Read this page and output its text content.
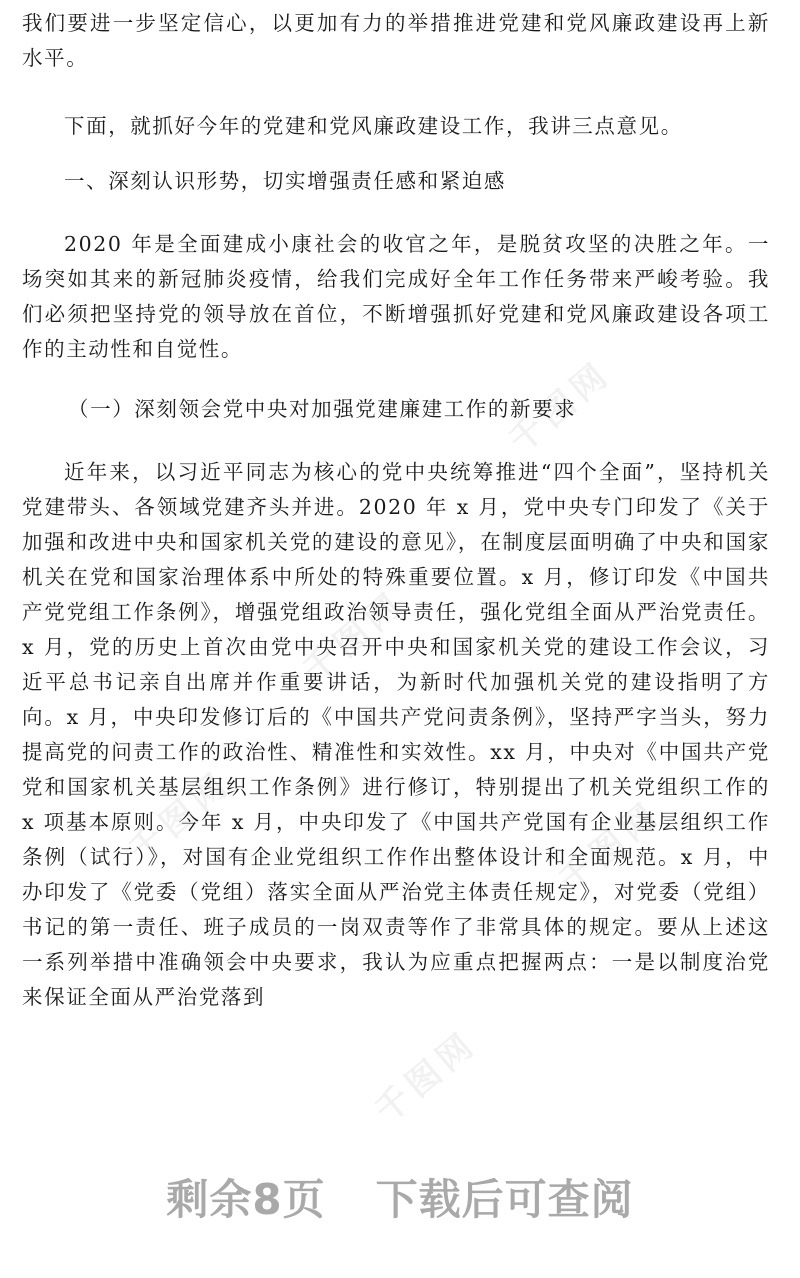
千图网
千图网
千图网	千图网
千图网

我们要进一步坚定信心，以更加有力的举措推进党建和党风廉政建设再上新水平。

下面，就抓好今年的党建和党风廉政建设工作，我讲三点意见。

一、深刻认识形势，切实增强责任感和紧迫感

2020 年是全面建成小康社会的收官之年，是脱贫攻坚的决胜之年。一场突如其来的新冠肺炎疫情，给我们完成好全年工作任务带来严峻考验。我们必须把坚持党的领导放在首位，不断增强抓好党建和党风廉政建设各项工作的主动性和自觉性。

（一）深刻领会党中央对加强党建廉建工作的新要求

近年来，以习近平同志为核心的党中央统筹推进“四个全面”，坚持机关党建带头、各领域党建齐头并进。2020 年 x 月，党中央专门印发了《关于加强和改进中央和国家机关党的建设的意见》，在制度层面明确了中央和国家机关在党和国家治理体系中所处的特殊重要位置。x 月，修订印发《中国共产党党组工作条例》，增强党组政治领导责任，强化党组全面从严治党责任。x 月，党的历史上首次由党中央召开中央和国家机关党的建设工作会议，习近平总书记亲自出席并作重要讲话，为新时代加强机关党的建设指明了方向。x 月，中央印发修订后的《中国共产党问责条例》，坚持严字当头，努力提高党的问责工作的政治性、精准性和实效性。xx 月，中央对《中国共产党党和国家机关基层组织工作条例》进行修订，特别提出了机关党组织工作的 x 项基本原则。今年 x 月，中央印发了《中国共产党国有企业基层组织工作条例（试行）》，对国有企业党组织工作作出整体设计和全面规范。x 月，中办印发了《党委（党组）落实全面从严治党主体责任规定》，对党委（党组）书记的第一责任、班子成员的一岗双责等作了非常具体的规定。要从上述这一系列举措中准确领会中央要求，我认为应重点把握两点：一是以制度治党来保证全面从严治党落到

剩余8页 下载后可查阅
